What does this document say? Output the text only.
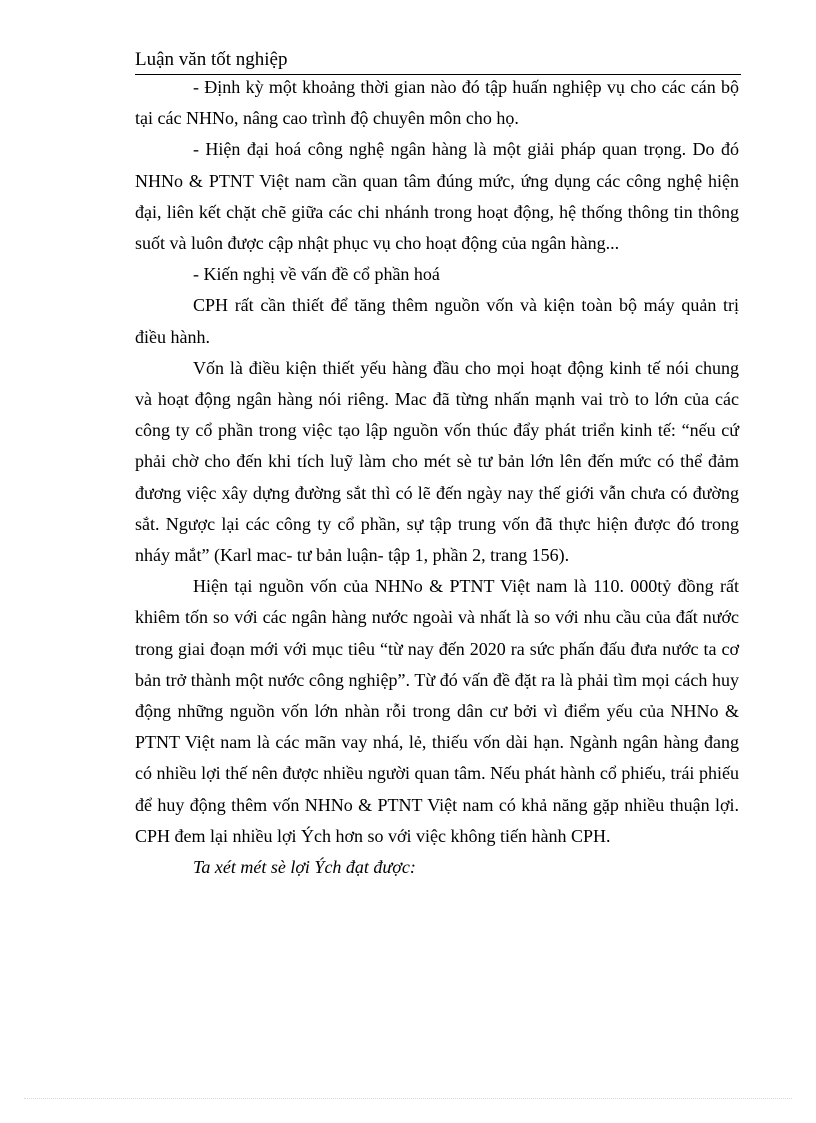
Luận văn tốt nghiệp

- Định kỳ một khoảng thời gian nào đó tập huấn nghiệp vụ cho các cán bộ tại các NHNo, nâng cao trình độ chuyên môn cho họ.

- Hiện đại hoá công nghệ ngân hàng là một giải pháp quan trọng. Do đó NHNo & PTNT Việt nam cần quan tâm đúng mức, ứng dụng các công nghệ hiện đại, liên kết chặt chẽ giữa các chi nhánh trong hoạt động, hệ thống thông tin thông suốt và luôn được cập nhật phục vụ cho hoạt động của ngân hàng...

- Kiến nghị về vấn đề cổ phần hoá

CPH rất cần thiết để tăng thêm nguồn vốn và kiện toàn bộ máy quản trị điều hành.

Vốn là điều kiện thiết yếu hàng đầu cho mọi hoạt động kinh tế nói chung và hoạt động ngân hàng nói riêng. Mac đã từng nhấn mạnh vai trò to lớn của các công ty cổ phần trong việc tạo lập nguồn vốn thúc đẩy phát triển kinh tế: “nếu cứ phải chờ cho đến khi tích luỹ làm cho mét sè tư bản lớn lên đến mức có thể đảm đương việc xây dựng đường sắt thì có lẽ đến ngày nay thế giới vẫn chưa có đường sắt. Ngược lại các công ty cổ phần, sự tập trung vốn đã thực hiện được đó trong nháy mắt” (Karl mac- tư bản luận- tập 1, phần 2, trang 156).

Hiện tại nguồn vốn của NHNo & PTNT Việt nam là 110. 000tỷ đồng rất khiêm tốn so với các ngân hàng nước ngoài và nhất là so với nhu cầu của đất nước trong giai đoạn mới với mục tiêu “từ nay đến 2020 ra sức phấn đấu đưa nước ta cơ bản trở thành một nước công nghiệp”. Từ đó vấn đề đặt ra là phải tìm mọi cách huy động những nguồn vốn lớn nhàn rỗi trong dân cư bởi vì điểm yếu của NHNo & PTNT Việt nam là các mãn vay nhá, lẻ, thiếu vốn dài hạn. Ngành ngân hàng đang có nhiều lợi thế nên được nhiều người quan tâm. Nếu phát hành cổ phiếu, trái phiếu để huy động thêm vốn NHNo & PTNT Việt nam có khả năng gặp nhiều thuận lợi. CPH đem lại nhiều lợi Ých hơn so với việc không tiến hành CPH.

Ta xét mét sè lợi Ých đạt được:
